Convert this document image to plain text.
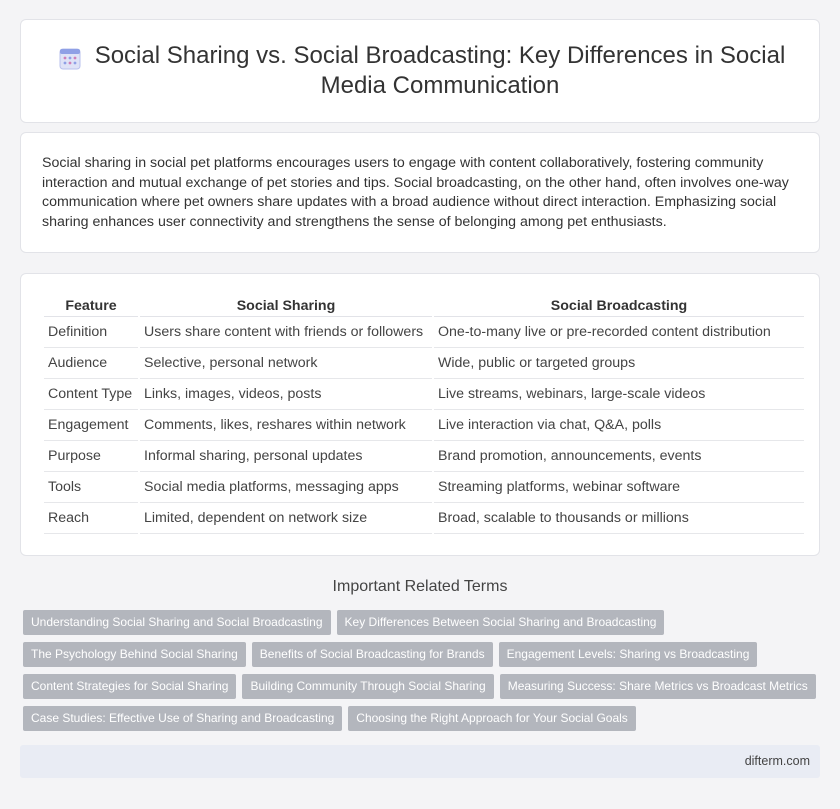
Social Sharing vs. Social Broadcasting: Key Differences in Social Media Communication

Social sharing in social pet platforms encourages users to engage with content collaboratively, fostering community interaction and mutual exchange of pet stories and tips. Social broadcasting, on the other hand, often involves one-way communication where pet owners share updates with a broad audience without direct interaction. Emphasizing social sharing enhances user connectivity and strengthens the sense of belonging among pet enthusiasts.

Feature	Social Sharing	Social Broadcasting
Definition	Users share content with friends or followers	One-to-many live or pre-recorded content distribution
Audience	Selective, personal network	Wide, public or targeted groups
Content Type	Links, images, videos, posts	Live streams, webinars, large-scale videos
Engagement	Comments, likes, reshares within network	Live interaction via chat, Q&A, polls
Purpose	Informal sharing, personal updates	Brand promotion, announcements, events
Tools	Social media platforms, messaging apps	Streaming platforms, webinar software
Reach	Limited, dependent on network size	Broad, scalable to thousands or millions
Important Related Terms
Understanding Social Sharing and Social Broadcasting	Key Differences Between Social Sharing and Broadcasting
The Psychology Behind Social Sharing	Benefits of Social Broadcasting for Brands	Engagement Levels: Sharing vs Broadcasting
Content Strategies for Social Sharing	Building Community Through Social Sharing	Measuring Success: Share Metrics vs Broadcast Metrics
Case Studies: Effective Use of Sharing and Broadcasting	Choosing the Right Approach for Your Social Goals
difterm.com
